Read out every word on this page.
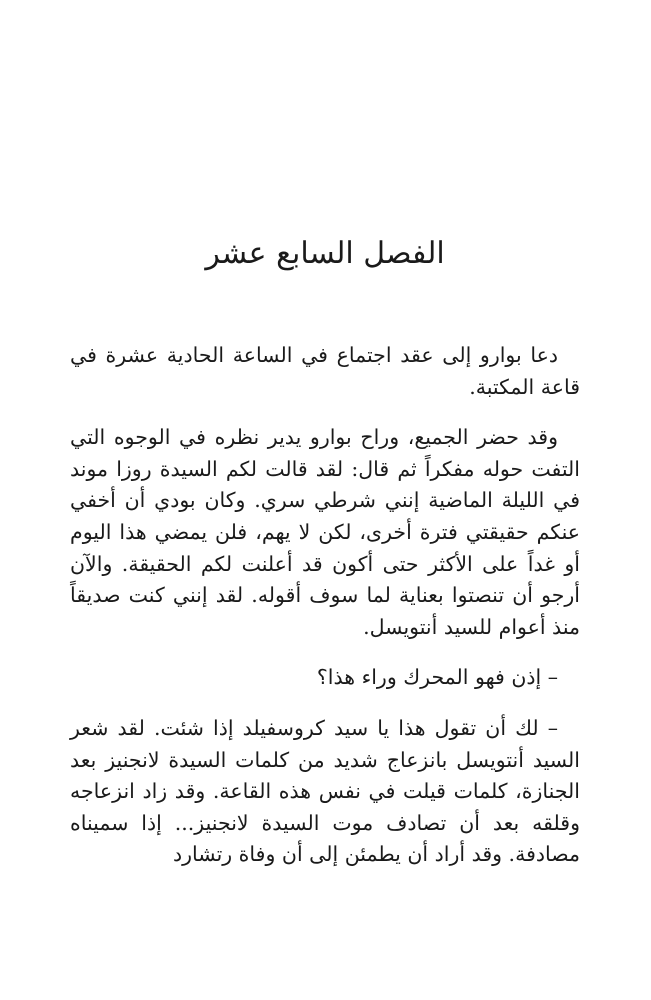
الفصل السابع عشر

دعا بوارو إلى عقد اجتماع في الساعة الحادية عشرة في قاعة المكتبة.

وقد حضر الجميع، وراح بوارو يدير نظره في الوجوه التي التفت حوله مفكراً ثم قال: لقد قالت لكم السيدة روزا موند في الليلة الماضية إنني شرطي سري. وكان بودي أن أخفي عنكم حقيقتي فترة أخرى، لكن لا يهم، فلن يمضي هذا اليوم أو غداً على الأكثر حتى أكون قد أعلنت لكم الحقيقة. والآن أرجو أن تنصتوا بعناية لما سوف أقوله. لقد إنني كنت صديقاً منذ أعوام للسيد أنتويسل.

– إذن فهو المحرك وراء هذا؟

– لك أن تقول هذا يا سيد كروسفيلد إذا شئت. لقد شعر السيد أنتويسل بانزعاج شديد من كلمات السيدة لانجنيز بعد الجنازة، كلمات قيلت في نفس هذه القاعة. وقد زاد انزعاجه وقلقه بعد أن تصادف موت السيدة لانجنيز... إذا سميناه مصادفة. وقد أراد أن يطمئن إلى أن وفاة رتشارد
